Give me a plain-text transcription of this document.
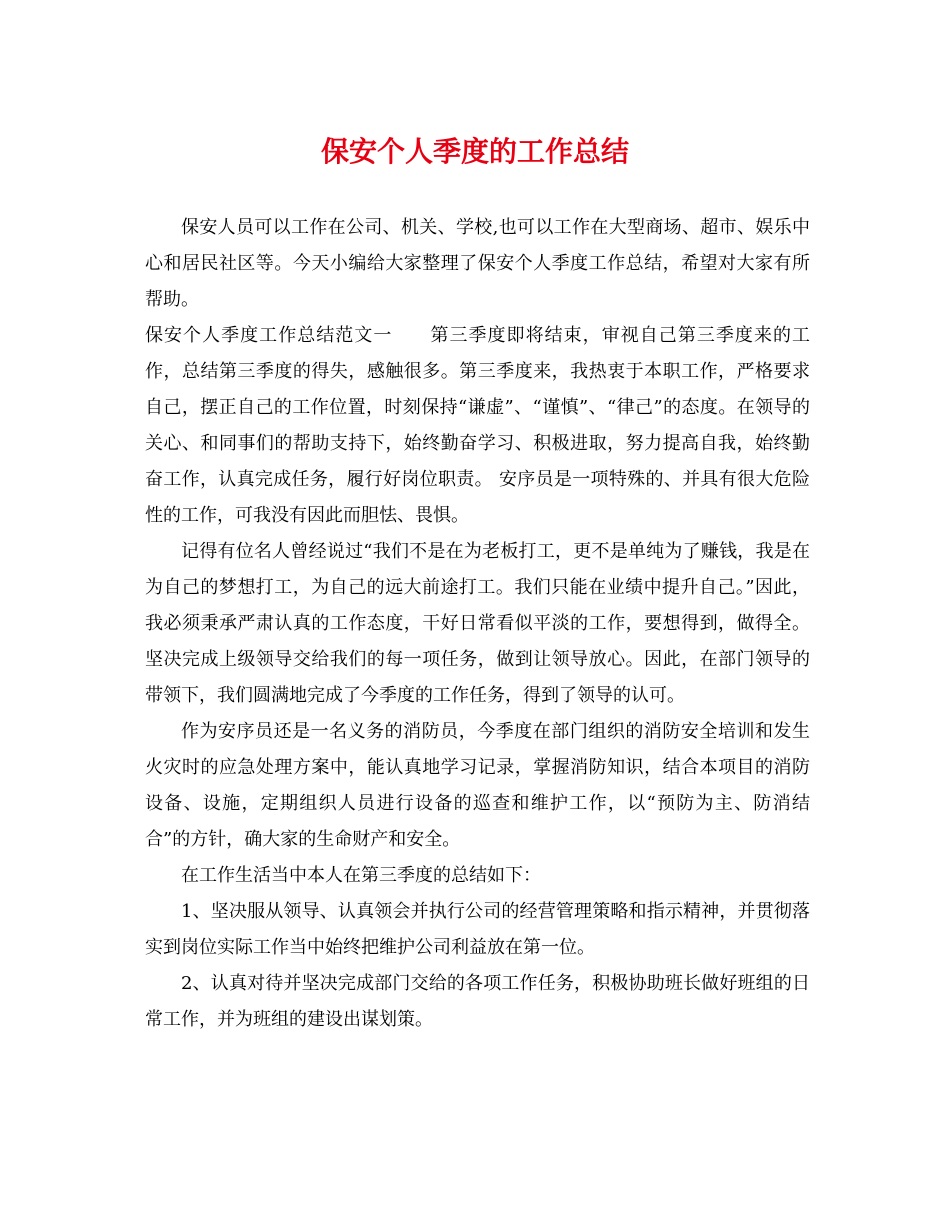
保安个人季度的工作总结

保安人员可以工作在公司、机关、学校,也可以工作在大型商场、超市、娱乐中心和居民社区等。今天小编给大家整理了保安个人季度工作总结，希望对大家有所帮助。

保安个人季度工作总结范文一　　第三季度即将结束，审视自己第三季度来的工作，总结第三季度的得失，感触很多。第三季度来，我热衷于本职工作，严格要求自己，摆正自己的工作位置，时刻保持“谦虚”、“谨慎”、“律己”的态度。在领导的关心、和同事们的帮助支持下，始终勤奋学习、积极进取，努力提高自我，始终勤奋工作，认真完成任务，履行好岗位职责。 安序员是一项特殊的、并具有很大危险性的工作，可我没有因此而胆怯、畏惧。

记得有位名人曾经说过“我们不是在为老板打工，更不是单纯为了赚钱，我是在为自己的梦想打工，为自己的远大前途打工。我们只能在业绩中提升自己。”因此，我必须秉承严肃认真的工作态度，干好日常看似平淡的工作，要想得到，做得全。坚决完成上级领导交给我们的每一项任务，做到让领导放心。因此，在部门领导的带领下，我们圆满地完成了今季度的工作任务，得到了领导的认可。

作为安序员还是一名义务的消防员，今季度在部门组织的消防安全培训和发生火灾时的应急处理方案中，能认真地学习记录，掌握消防知识，结合本项目的消防设备、设施，定期组织人员进行设备的巡查和维护工作，以“预防为主、防消结合”的方针，确大家的生命财产和安全。

在工作生活当中本人在第三季度的总结如下：

1、坚决服从领导、认真领会并执行公司的经营管理策略和指示精神，并贯彻落实到岗位实际工作当中始终把维护公司利益放在第一位。

2、认真对待并坚决完成部门交给的各项工作任务，积极协助班长做好班组的日常工作，并为班组的建设出谋划策。
